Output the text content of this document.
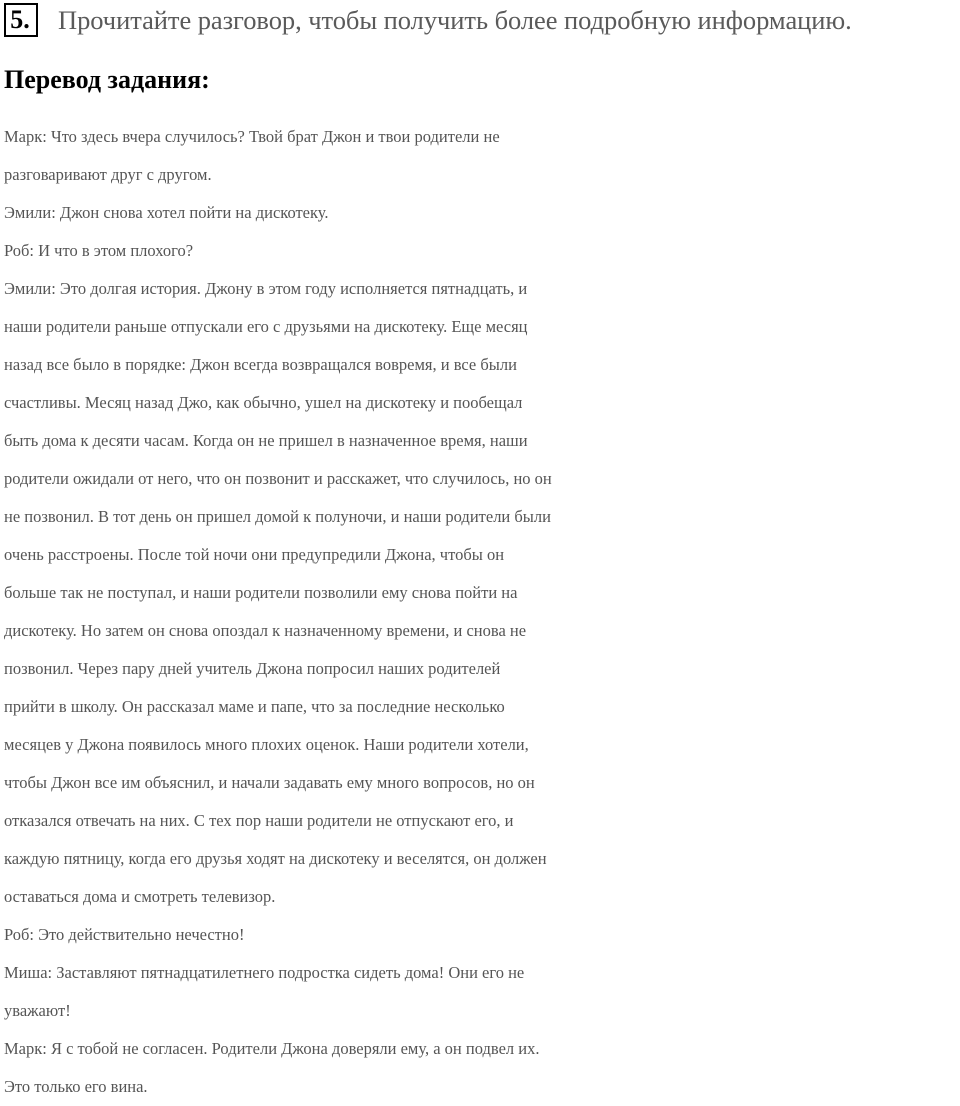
5.	Прочитайте разговор, чтобы получить более подробную информацию.
Перевод задания:
Марк: Что здесь вчера случилось? Твой брат Джон и твои родители не
разговаривают друг с другом.
Эмили: Джон снова хотел пойти на дискотеку.
Роб: И что в этом плохого?
Эмили: Это долгая история. Джону в этом году исполняется пятнадцать, и
наши родители раньше отпускали его с друзьями на дискотеку. Еще месяц
назад все было в порядке: Джон всегда возвращался вовремя, и все были
счастливы. Месяц назад Джо, как обычно, ушел на дискотеку и пообещал
быть дома к десяти часам. Когда он не пришел в назначенное время, наши
родители ожидали от него, что он позвонит и расскажет, что случилось, но он
не позвонил. В тот день он пришел домой к полуночи, и наши родители были
очень расстроены. После той ночи они предупредили Джона, чтобы он
больше так не поступал, и наши родители позволили ему снова пойти на
дискотеку. Но затем он снова опоздал к назначенному времени, и снова не
позвонил. Через пару дней учитель Джона попросил наших родителей
прийти в школу. Он рассказал маме и папе, что за последние несколько
месяцев у Джона появилось много плохих оценок. Наши родители хотели,
чтобы Джон все им объяснил, и начали задавать ему много вопросов, но он
отказался отвечать на них. С тех пор наши родители не отпускают его, и
каждую пятницу, когда его друзья ходят на дискотеку и веселятся, он должен
оставаться дома и смотреть телевизор.
Роб: Это действительно нечестно!
Миша: Заставляют пятнадцатилетнего подростка сидеть дома! Они его не
уважают!
Марк: Я с тобой не согласен. Родители Джона доверяли ему, а он подвел их.
Это только его вина.
